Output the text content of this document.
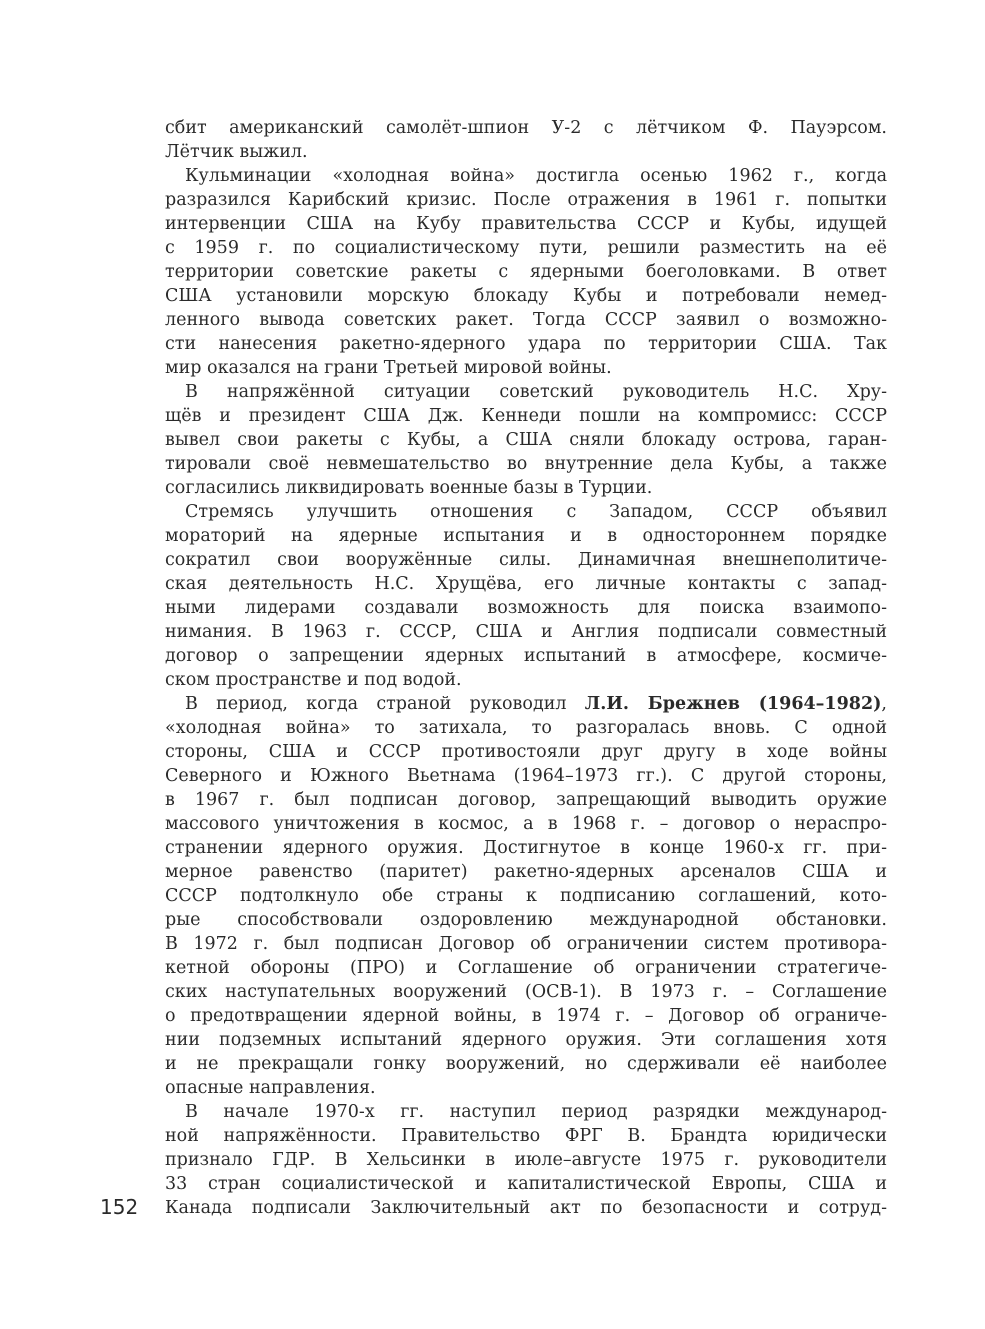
сбит американский самолёт-шпион У-2 с лётчиком Ф. Пауэрсом.
Лётчик выжил.
Кульминации «холодная война» достигла осенью 1962 г., когда
разразился Карибский кризис. После отражения в 1961 г. попытки
интервенции США на Кубу правительства СССР и Кубы, идущей
с 1959 г. по социалистическому пути, решили разместить на её
территории советские ракеты с ядерными боеголовками. В ответ
США установили морскую блокаду Кубы и потребовали немед-
ленного вывода советских ракет. Тогда СССР заявил о возможно-
сти нанесения ракетно-ядерного удара по территории США. Так
мир оказался на грани Третьей мировой войны.
В напряжённой ситуации советский руководитель Н.С. Хру-
щёв и президент США Дж. Кеннеди пошли на компромисс: СССР
вывел свои ракеты с Кубы, а США сняли блокаду острова, гаран-
тировали своё невмешательство во внутренние дела Кубы, а также
согласились ликвидировать военные базы в Турции.
Стремясь улучшить отношения с Западом, СССР объявил
мораторий на ядерные испытания и в одностороннем порядке
сократил свои вооружённые силы. Динамичная внешнеполитиче-
ская деятельность Н.С. Хрущёва, его личные контакты с запад-
ными лидерами создавали возможность для поиска взаимопо-
нимания. В 1963 г. СССР, США и Англия подписали совместный
договор о запрещении ядерных испытаний в атмосфере, космиче-
ском пространстве и под водой.
В период, когда страной руководил Л.И. Брежнев (1964–1982),
«холодная война» то затихала, то разгоралась вновь. С одной
стороны, США и СССР противостояли друг другу в ходе войны
Северного и Южного Вьетнама (1964–1973 гг.). С другой стороны,
в 1967 г. был подписан договор, запрещающий выводить оружие
массового уничтожения в космос, а в 1968 г. – договор о нераспро-
странении ядерного оружия. Достигнутое в конце 1960-х гг. при-
мерное равенство (паритет) ракетно-ядерных арсеналов США и
СССР подтолкнуло обе страны к подписанию соглашений, кото-
рые способствовали оздоровлению международной обстановки.
В 1972 г. был подписан Договор об ограничении систем противора-
кетной обороны (ПРО) и Соглашение об ограничении стратегиче-
ских наступательных вооружений (ОСВ-1). В 1973 г. – Соглашение
о предотвращении ядерной войны, в 1974 г. – Договор об ограниче-
нии подземных испытаний ядерного оружия. Эти соглашения хотя
и не прекращали гонку вооружений, но сдерживали её наиболее
опасные направления.
В начале 1970-х гг. наступил период разрядки международ-
ной напряжённости. Правительство ФРГ В. Брандта юридически
признало ГДР. В Хельсинки в июле–августе 1975 г. руководители
33 стран социалистической и капиталистической Европы, США и
Канада подписали Заключительный акт по безопасности и сотруд-
152
